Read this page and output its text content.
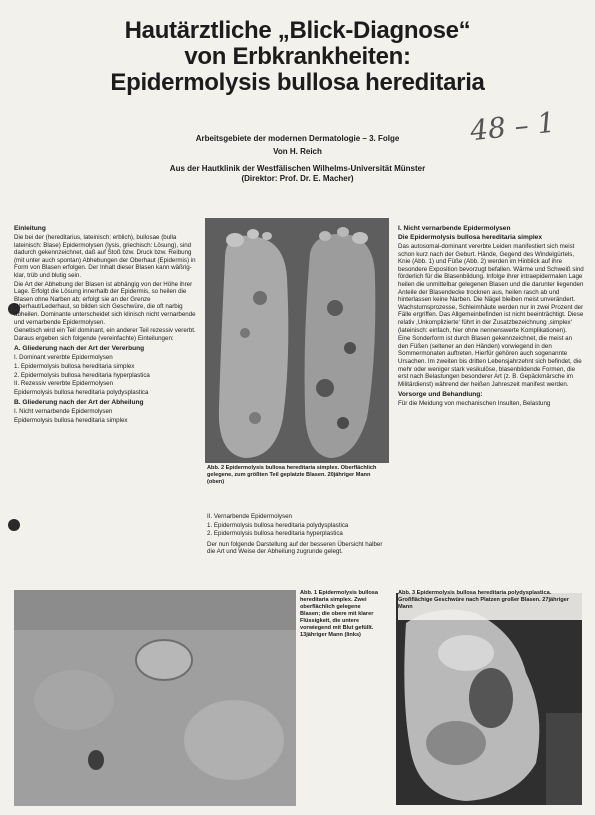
Hautärztliche „Blick-Diagnose“
von Erbkrankheiten:
Epidermolysis bullosa hereditaria
Arbeitsgebiete der modernen Dermatologie – 3. Folge
Von H. Reich
Aus der Hautklinik der Westfälischen Wilhelms-Universität Münster
(Direktor: Prof. Dr. E. Macher)
48 – 1
Einleitung

Die bei der (hereditarius, lateinisch: erblich), bullosae (bulla lateinisch: Blase) Epidermolysen (lysis, griechisch: Lösung), sind dadurch gekennzeichnet, daß auf Stoß bzw. Druck bzw. Reibung (mit unter auch spontan) Abhebungen der Oberhaut (Epidermis) in Form von Blasen erfolgen. Der Inhalt dieser Blasen kann wäßrig-klar, trüb und blutig sein.

Die Art der Abhebung der Blasen ist abhängig von der Höhe ihrer Lage. Erfolgt die Lösung innerhalb der Epidermis, so heilen die Blasen ohne Narben ab; erfolgt sie an der Grenze Oberhaut/Lederhaut, so bilden sich Geschwüre, die oft narbig abheilen. Dominante unterscheidet sich klinisch nicht vernarbende und vernarbende Epidermolysen.

Genetisch wird ein Teil dominant, ein anderer Teil rezessiv vererbt. Daraus ergeben sich folgende (vereinfachte) Einteilungen:

A. Gliederung nach der Art der Vererbung

I. Dominant vererbte Epidermolysen

1. Epidermolysis bullosa hereditaria simplex

2. Epidermolysis bullosa hereditaria hyperplastica

II. Rezessiv vererbte Epidermolysen

Epidermolysis bullosa hereditaria polydysplastica

B. Gliederung nach der Art der Abheilung

I. Nicht vernarbende Epidermolysen

Epidermolysis bullosa hereditaria simplex

Abb. 2 Epidermolysis bullosa hereditaria simplex. Oberflächlich gelegene, zum größten Teil geplatzte Blasen. 20jähriger Mann (oben)

II. Vernarbende Epidermolysen

1. Epidermolysis bullosa hereditaria polydysplastica

2. Epidermolysis bullosa hereditaria hyperplastica

Der nun folgende Darstellung auf der besseren Übersicht halber die Art und Weise der Abheilung zugrunde gelegt.

I. Nicht vernarbende Epidermolysen
Die Epidermolysis bullosa hereditaria simplex

Das autosomal-dominant vererbte Leiden manifestiert sich meist schon kurz nach der Geburt. Hände, Gegend des Windelgürtels, Knie (Abb. 1) und Füße (Abb. 2) werden im Hinblick auf ihre besondere Exposition bevorzugt befallen. Wärme und Schweiß sind förderlich für die Blasenbildung. Infolge ihrer intraepidermalen Lage heilen die unmittelbar gelegenen Blasen und die darunter liegenden Anteile der Blasendecke trocknen aus, heilen rasch ab und hinterlassen keine Narben. Die Nägel bleiben meist unverändert. Wachstumsprozesse, Schleimhäute werden nur in zwei Prozent der Fälle ergriffen. Das Allgemeinbefinden ist nicht beeinträchtigt. Diese relativ ‚Unkomplizierte‘ führt in der Zusatzbezeichnung ‚simplex‘ (lateinisch: einfach, hier ohne nennenswerte Komplikationen).

Eine Sonderform ist durch Blasen gekennzeichnet, die meist an den Füßen (seltener an den Händen) vorwiegend in den Sommermonaten auftreten. Hierfür gehören auch sogenannte Ursachen. Im zweiten bis dritten Lebensjahrzehnt sich befindet, die mehr oder weniger stark vesikulöse, blasenbildende Formen, die erst nach Belastungen besonderer Art (z. B. Gepäckmärsche im Militärdienst) während der heißen Jahreszeit manifest werden.

Vorsorge und Behandlung:

Für die Meidung von mechanischen Insulten, Belastung

Abb. 1 Epidermolysis bullosa hereditaria simplex. Zwei oberflächlich gelegene Blasen; die obere mit klarer Flüssigkeit, die untere vorwiegend mit Blut gefüllt. 13jähriger Mann (links)
Abb. 3 Epidermolysis bullosa hereditaria polydysplastica. Großflächige Geschwüre nach Platzen großer Blasen. 27jähriger Mann
